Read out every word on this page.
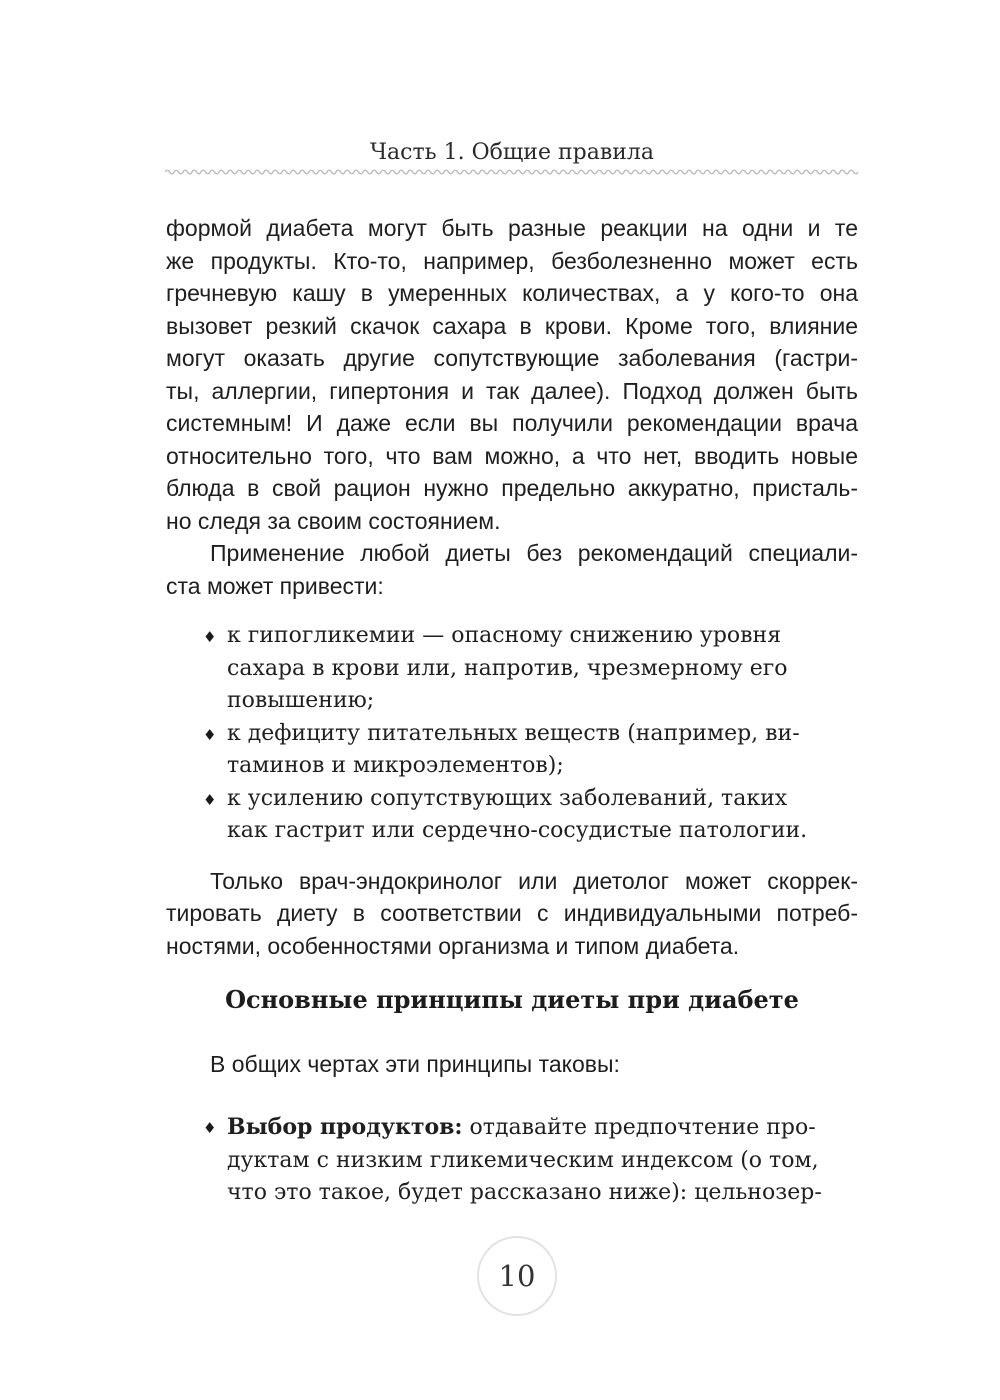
Часть 1. Общие правила
формой диабета могут быть разные реакции на одни и те
же продукты. Кто-то, например, безболезненно может есть
гречневую кашу в умеренных количествах, а у кого-то она
вызовет резкий скачок сахара в крови. Кроме того, влияние
могут оказать другие сопутствующие заболевания (гастри-
ты, аллергии, гипертония и так далее). Подход должен быть
системным! И даже если вы получили рекомендации врача
относительно того, что вам можно, а что нет, вводить новые
блюда в свой рацион нужно предельно аккуратно, присталь-
но следя за своим состоянием.
Применение любой диеты без рекомендаций специали-
ста может привести:
♦ к гипогликемии — опасному снижению уровня
сахара в крови или, напротив, чрезмерному его
повышению;
♦ к дефициту питательных веществ (например, ви-
таминов и микроэлементов);
♦ к усилению сопутствующих заболеваний, таких
как гастрит или сердечно-сосудистые патологии.
Только врач-эндокринолог или диетолог может скоррек-
тировать диету в соответствии с индивидуальными потреб-
ностями, особенностями организма и типом диабета.
Основные принципы диеты при диабете
В общих чертах эти принципы таковы:
♦ Выбор продуктов: отдавайте предпочтение про-
дуктам с низким гликемическим индексом (о том,
что это такое, будет рассказано ниже): цельнозер-
10
